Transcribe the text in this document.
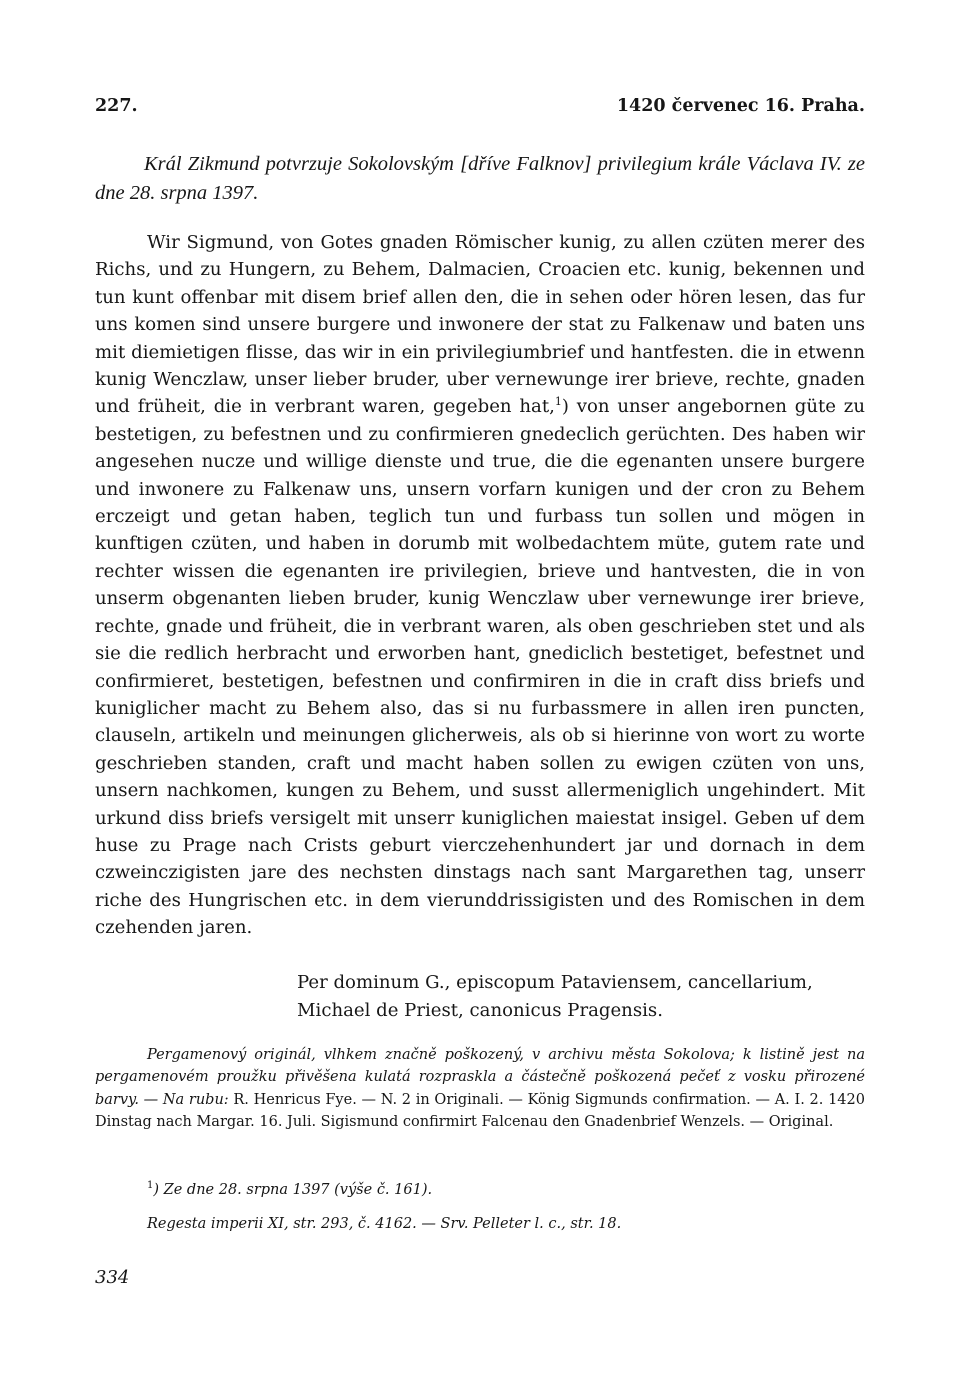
227.	1420 červenec 16. Praha.
Král Zikmund potvrzuje Sokolovským [dříve Falknov] privilegium krále Václava IV. ze dne 28. srpna 1397.
Wir Sigmund, von Gotes gnaden Römischer kunig, zu allen czüten merer des Richs, und zu Hungern, zu Behem, Dalmacien, Croacien etc. kunig, bekennen und tun kunt offenbar mit disem brief allen den, die in sehen oder hören lesen, das fur uns komen sind unsere burgere und inwonere der stat zu Falkenaw und baten uns mit diemietigen flisse, das wir in ein privilegiumbrief und hantfesten. die in etwenn kunig Wenczlaw, unser lieber bruder, uber vernewunge irer brieve, rechte, gnaden und früheit, die in verbrant waren, gegeben hat,$^1$) von unser angebornen güte zu bestetigen, zu befestnen und zu confirmieren gnedeclich gerüchten. Des haben wir angesehen nucze und willige dienste und true, die die egenanten unsere burgere und inwonere zu Falkenaw uns, unsern vorfarn kunigen und der cron zu Behem erczeigt und getan haben, teglich tun und furbass tun sollen und mögen in kunftigen czüten, und haben in dorumb mit wolbedachtem müte, gutem rate und rechter wissen die egenanten ire privilegien, brieve und hantvesten, die in von unserm obgenanten lieben bruder, kunig Wenczlaw uber vernewunge irer brieve, rechte, gnade und früheit, die in verbrant waren, als oben geschrieben stet und als sie die redlich herbracht und erworben hant, gnediclich bestetiget, befestnet und confirmieret, bestetigen, befestnen und confirmiren in die in craft diss briefs und kuniglicher macht zu Behem also, das si nu furbassmere in allen iren puncten, clauseln, artikeln und meinungen glicherweis, als ob si hierinne von wort zu worte geschrieben standen, craft und macht haben sollen zu ewigen czüten von uns, unsern nachkomen, kungen zu Behem, und susst allermeniglich ungehindert. Mit urkund diss briefs versigelt mit unserr kuniglichen maiestat insigel. Geben uf dem huse zu Prage nach Crists geburt vierczehenhundert jar und dornach in dem czweinczigisten jare des nechsten dinstags nach sant Margarethen tag, unserr riche des Hungrischen etc. in dem vierunddrissigisten und des Romischen in dem czehenden jaren.
Per dominum G., episcopum Pataviensem, cancellarium,
Michael de Priest, canonicus Pragensis.
Pergamenový originál, vlhkem značně poškozený, v archivu města Sokolova; k listině jest na pergamenovém proužku přivěšena kulatá rozpraskla a částečně poškozená pečeť z vosku přirozené barvy. — Na rubu: R. Henricus Fye. — N. 2 in Originali. — König Sigmunds confirmation. — A. I. 2. 1420 Dinstag nach Margar. 16. Juli. Sigismund confirmirt Falcenau den Gnadenbrief Wenzels. — Original.
$^1$) Ze dne 28. srpna 1397 (výše č. 161).
Regesta imperii XI, str. 293, č. 4162. — Srv. Pelleter l. c., str. 18.
334
